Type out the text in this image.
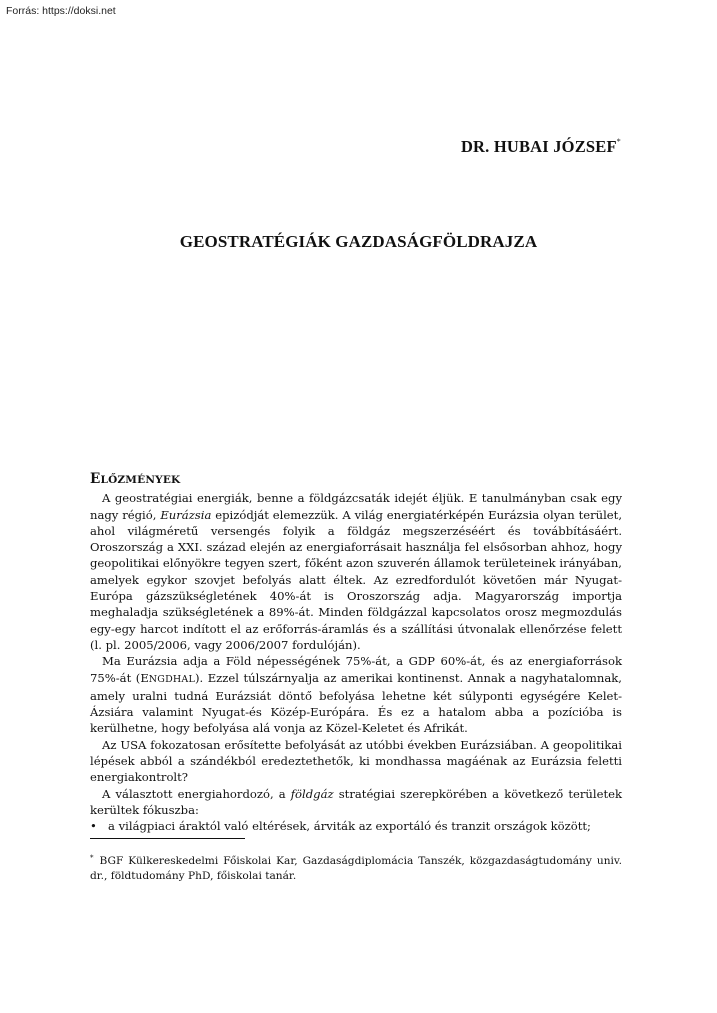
Forrás: https://doksi.net
DR. HUBAI JÓZSEF*
GEOSTRATÉGIÁK GAZDASÁGFÖLDRAJZA
ELŐZMÉNYEK

A geostratégiai energiák, benne a földgázcsaták idejét éljük. E tanulmányban csak egy nagy régió, Eurázsia epizódját elemezzük. A világ energiatérképén Eurázsia olyan terület, ahol világméretű versengés folyik a földgáz megszerzéséért és továbbításáért. Oroszország a XXI. század elején az energiaforrásait használja fel elsősorban ahhoz, hogy geopolitikai előnyökre tegyen szert, főként azon szuverén államok területeinek irányában, amelyek egykor szovjet befolyás alatt éltek. Az ezredfordulót követően már Nyugat-Európa gázszükségletének 40%-át is Oroszország adja. Magyarország importja meghaladja szükségletének a 89%-át. Minden földgázzal kapcsolatos orosz megmozdulás egy-egy harcot indított el az erőforrás-áramlás és a szállítási útvonalak ellenőrzése felett (l. pl. 2005/2006, vagy 2006/2007 fordulóján).

Ma Eurázsia adja a Föld népességének 75%-át, a GDP 60%-át, és az energiaforrások 75%-át (ENGDHAL). Ezzel túlszárnyalja az amerikai kontinenst. Annak a nagyhatalomnak, amely uralni tudná Eurázsiát döntő befolyása lehetne két súlyponti egységére Kelet-Ázsiára valamint Nyugat-és Közép-Európára. És ez a hatalom abba a pozícióba is kerülhetne, hogy befolyása alá vonja az Közel-Keletet és Afrikát.

Az USA fokozatosan erősítette befolyását az utóbbi években Eurázsiában. A geopolitikai lépések abból a szándékból eredeztethetők, ki mondhassa magáénak az Eurázsia feletti energiakontrolt?

A választott energiahordozó, a földgáz stratégiai szerepkörében a következő területek kerültek fókuszba:

• a világpiaci áraktól való eltérések, árviták az exportáló és tranzit országok között;
* BGF Külkereskedelmi Főiskolai Kar, Gazdaságdiplomácia Tanszék, közgazdaságtudomány univ. dr., földtudomány PhD, főiskolai tanár.
